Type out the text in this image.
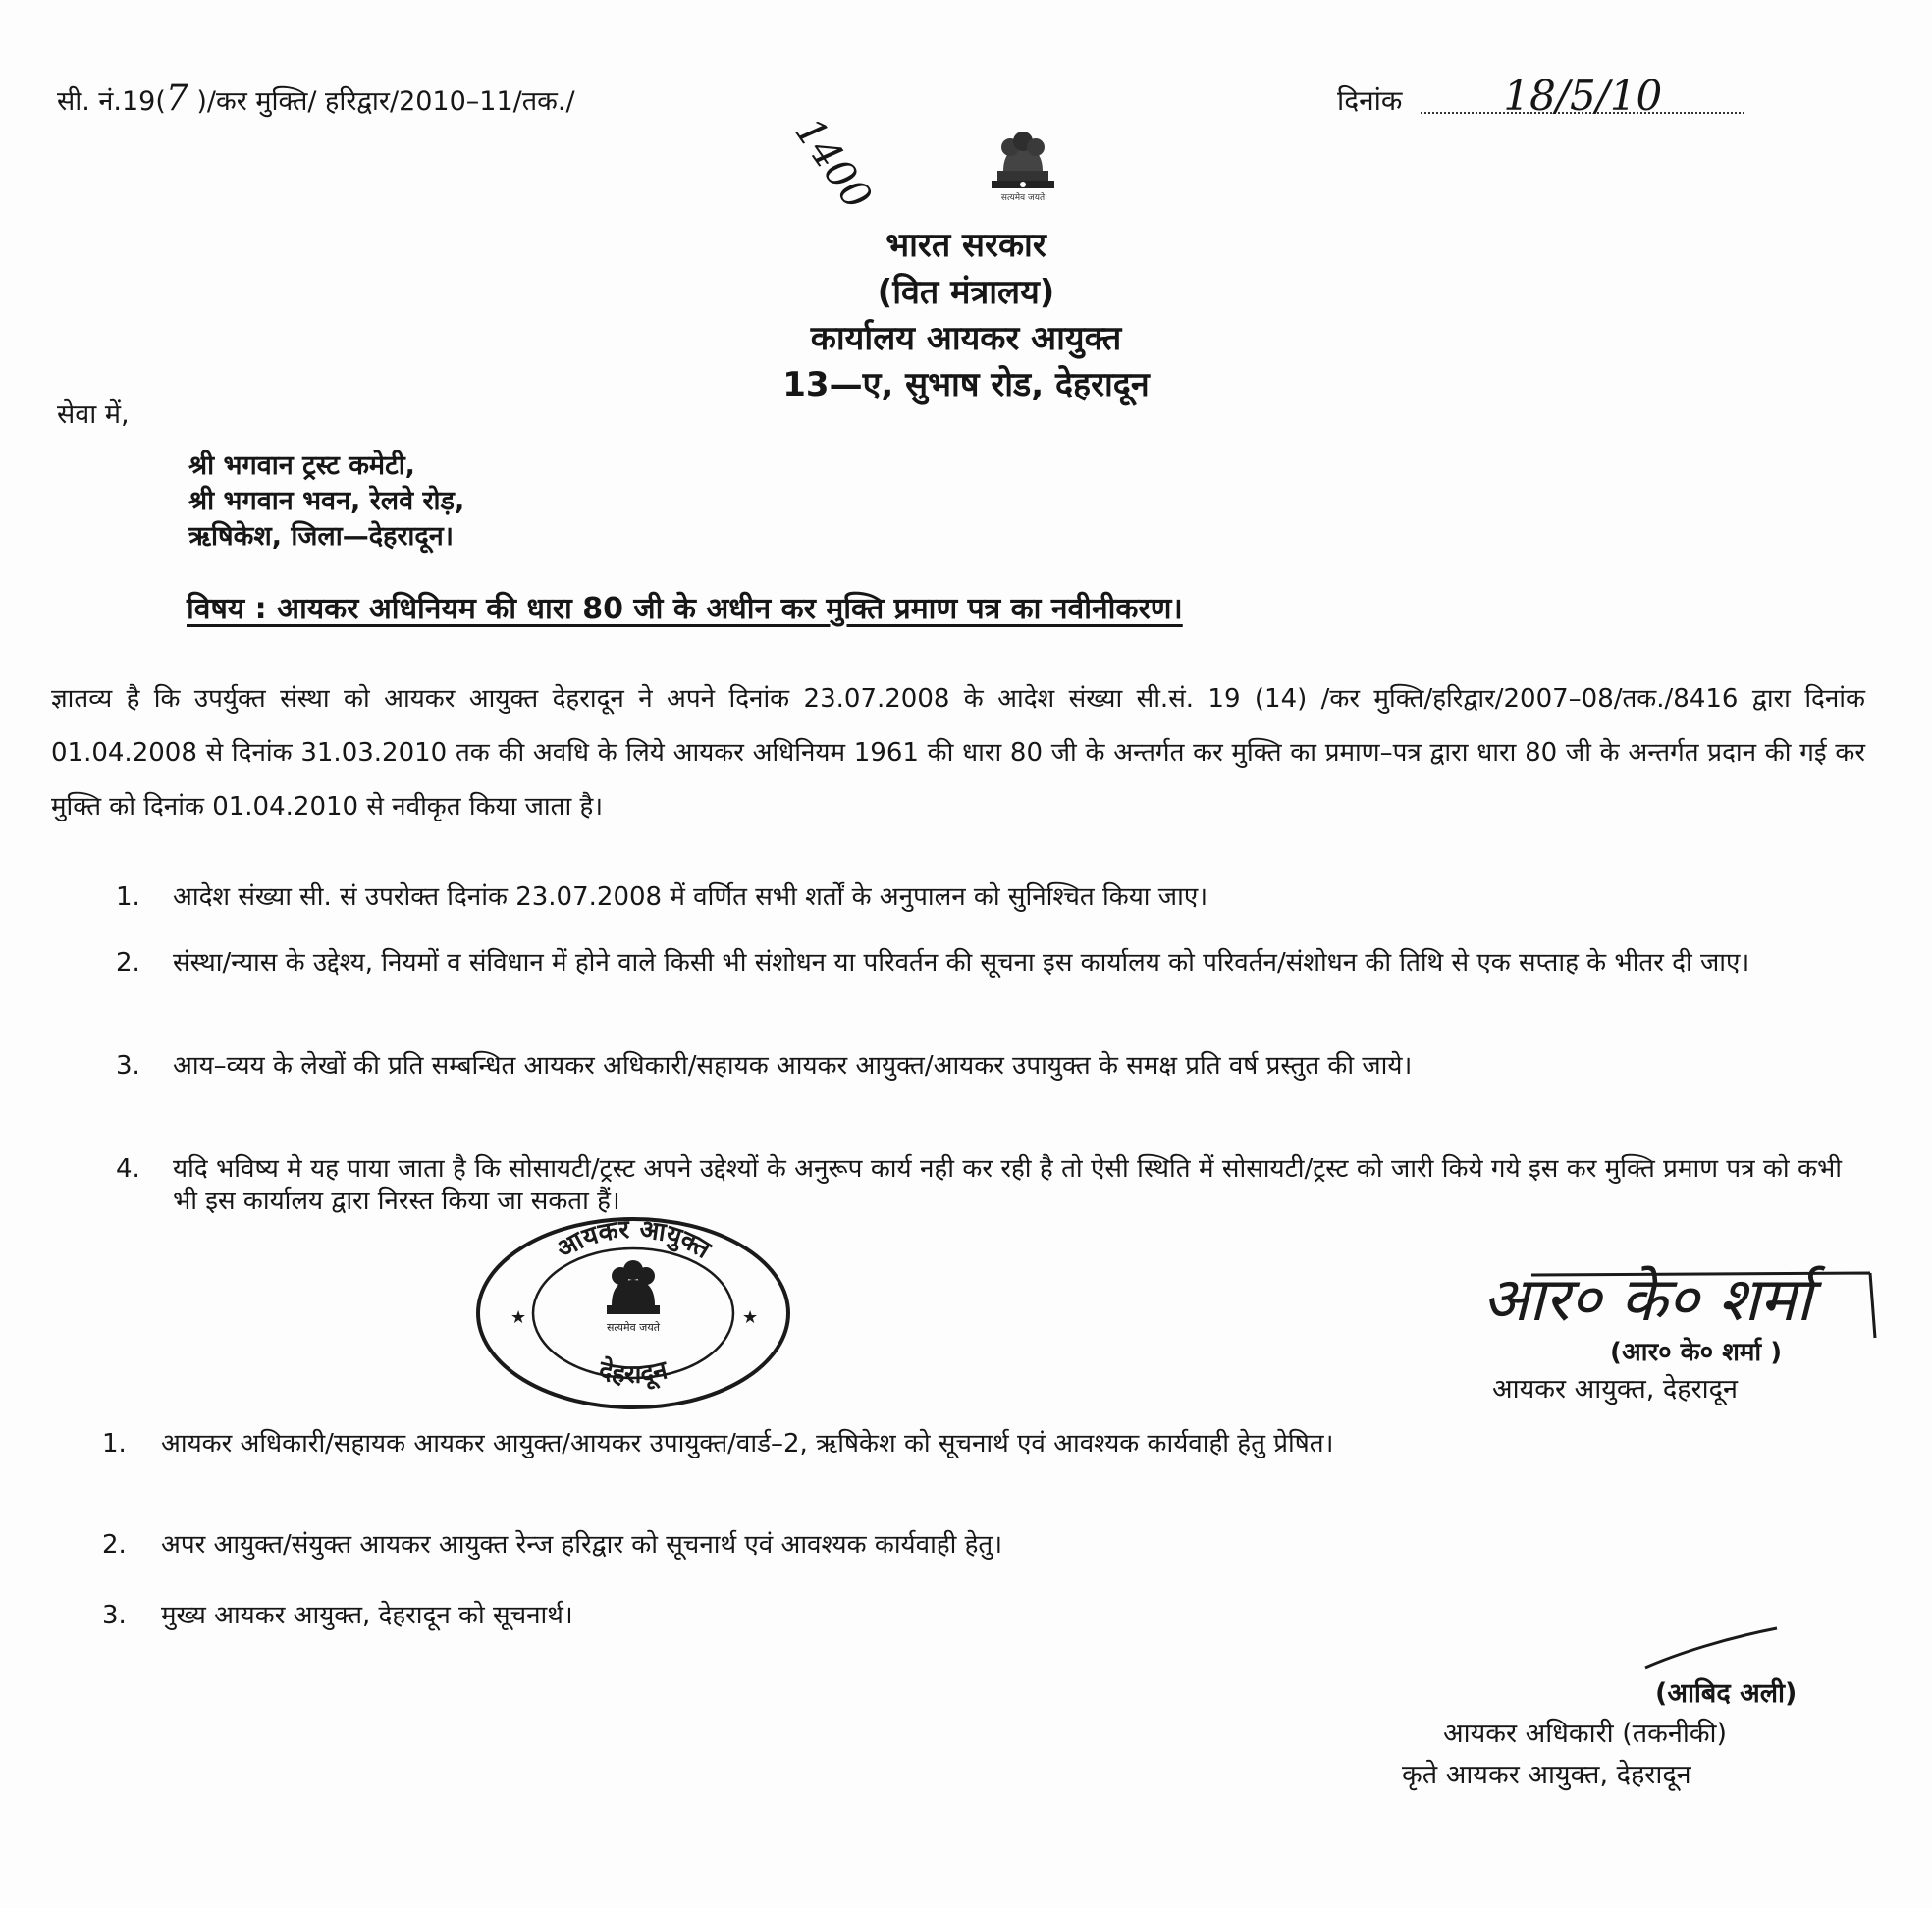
सी. नं.19(7 )/कर मुक्ति/ हरिद्वार/2010–11/तक./
1400
दिनांक 18/5/10
सत्यमेव जयते
भारत सरकार
(वित मंत्रालय)
कार्यालय आयकर आयुक्त
13—ए, सुभाष रोड, देहरादून
सेवा में,
श्री भगवान ट्रस्ट कमेटी,
श्री भगवान भवन, रेलवे रोड़,
ऋषिकेश, जिला—देहरादून।
विषय : आयकर अधिनियम की धारा 80 जी के अधीन कर मुक्ति प्रमाण पत्र का नवीनीकरण।
ज्ञातव्य है कि उपर्युक्त संस्था को आयकर आयुक्त देहरादून ने अपने दिनांक 23.07.2008 के आदेश संख्या सी.सं. 19 (14) /कर मुक्ति/हरिद्वार/2007–08/तक./8416 द्वारा दिनांक 01.04.2008 से दिनांक 31.03.2010 तक की अवधि के लिये आयकर अधिनियम 1961 की धारा 80 जी के अन्तर्गत कर मुक्ति का प्रमाण–पत्र द्वारा धारा 80 जी के अन्तर्गत प्रदान की गई कर मुक्ति को दिनांक 01.04.2010 से नवीकृत किया जाता है।
1. आदेश संख्या सी. सं उपरोक्त दिनांक 23.07.2008 में वर्णित सभी शर्तों के अनुपालन को सुनिश्चित किया जाए।
2. संस्था/न्यास के उद्देश्य, नियमों व संविधान में होने वाले किसी भी संशोधन या परिवर्तन की सूचना इस कार्यालय को परिवर्तन/संशोधन की तिथि से एक सप्ताह के भीतर दी जाए।
3. आय–व्यय के लेखों की प्रति सम्बन्धित आयकर अधिकारी/सहायक आयकर आयुक्त/आयकर उपायुक्त के समक्ष प्रति वर्ष प्रस्तुत की जाये।
4. यदि भविष्य मे यह पाया जाता है कि सोसायटी/ट्रस्ट अपने उद्देश्यों के अनुरूप कार्य नही कर रही है तो ऐसी स्थिति में सोसायटी/ट्रस्ट को जारी किये गये इस कर मुक्ति प्रमाण पत्र को कभी भी इस कार्यालय द्वारा निरस्त किया जा सकता हैं।
आयकर आयुक्त
देहरादून
सत्यमेव जयते
★	★	आर० के० शर्मा
(आर० के० शर्मा )
आयकर आयुक्त, देहरादून
1. आयकर अधिकारी/सहायक आयकर आयुक्त/आयकर उपायुक्त/वार्ड–2, ऋषिकेश को सूचनार्थ एवं आवश्यक कार्यवाही हेतु प्रेषित।
2. अपर आयुक्त/संयुक्त आयकर आयुक्त रेन्ज हरिद्वार को सूचनार्थ एवं आवश्यक कार्यवाही हेतु।
3. मुख्य आयकर आयुक्त, देहरादून को सूचनार्थ।
(आबिद अली)
आयकर अधिकारी (तकनीकी)
कृते आयकर आयुक्त, देहरादून
